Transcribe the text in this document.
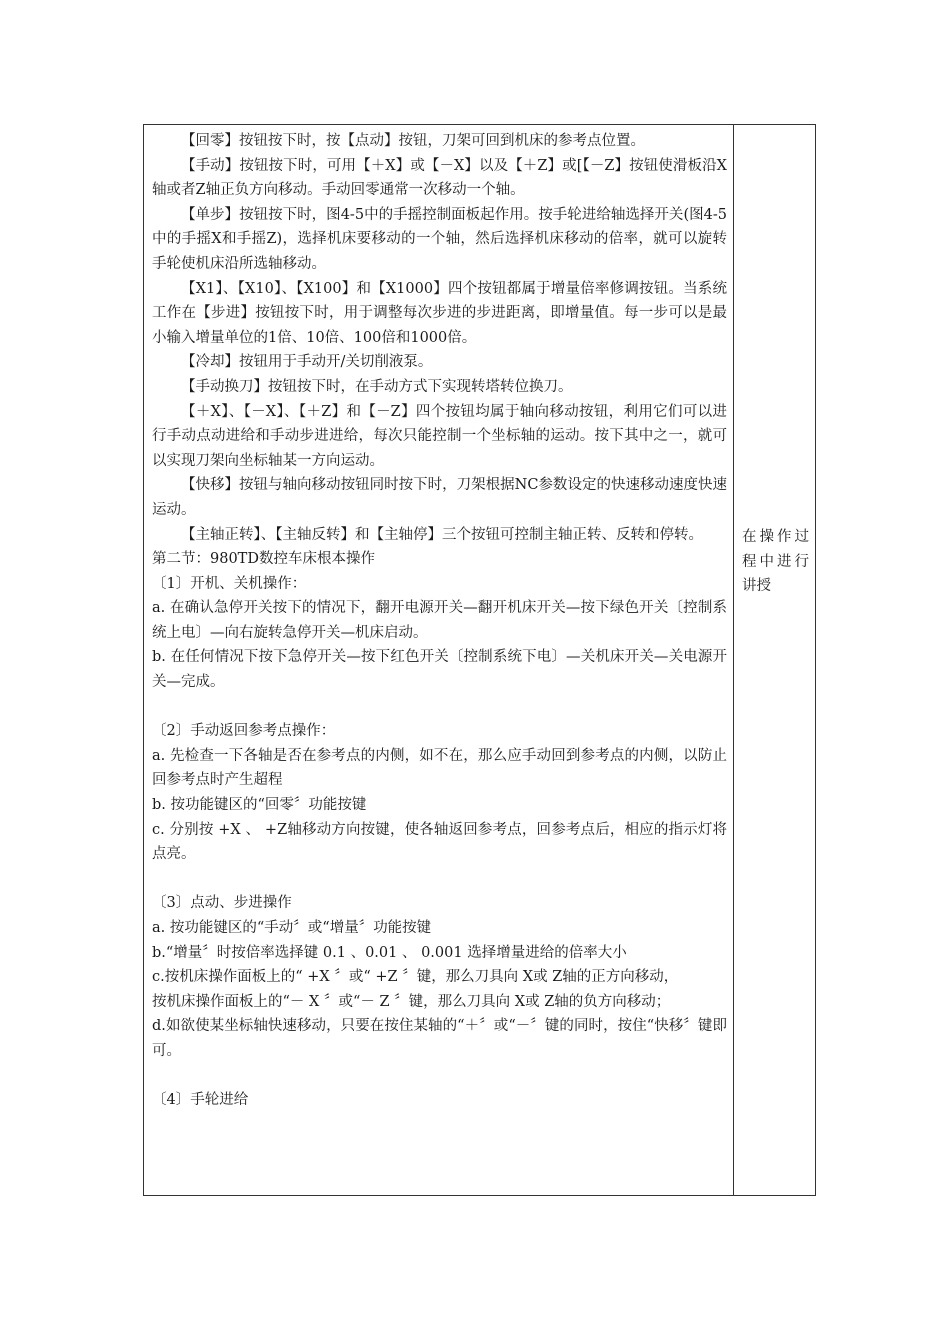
【回零】按钮按下时，按【点动】按钮，刀架可回到机床的参考点位置。

【手动】按钮按下时，可用【＋X】或【－X】以及【＋Z】或[【－Z】按钮使滑板沿X轴或者Z轴正负方向移动。手动回零通常一次移动一个轴。

【单步】按钮按下时，图4-5中的手摇控制面板起作用。按手轮进给轴选择开关(图4-5中的手摇X和手摇Z)，选择机床要移动的一个轴，然后选择机床移动的倍率，就可以旋转手轮使机床沿所选轴移动。

【X1】、【X10】、【X100】和【X1000】四个按钮都属于增量倍率修调按钮。当系统工作在【步进】按钮按下时，用于调整每次步进的步进距离，即增量值。每一步可以是最小输入增量单位的1倍、10倍、100倍和1000倍。

【冷却】按钮用于手动开/关切削液泵。

【手动换刀】按钮按下时，在手动方式下实现转塔转位换刀。

【＋X】、【－X】、【＋Z】和【－Z】四个按钮均属于轴向移动按钮，利用它们可以进行手动点动进给和手动步进进给，每次只能控制一个坐标轴的运动。按下其中之一，就可以实现刀架向坐标轴某一方向运动。

【快移】按钮与轴向移动按钮同时按下时，刀架根据NC参数设定的快速移动速度快速运动。

【主轴正转】、【主轴反转】和【主轴停】三个按钮可控制主轴正转、反转和停转。

第二节：980TD数控车床根本操作

〔1〕开机、关机操作：

a. 在确认急停开关按下的情况下，翻开电源开关—翻开机床开关—按下绿色开关〔控制系统上电〕—向右旋转急停开关—机床启动。

b. 在任何情况下按下急停开关—按下红色开关〔控制系统下电〕—关机床开关—关电源开关—完成。

〔2〕手动返回参考点操作：

a. 先检查一下各轴是否在参考点的内侧，如不在，那么应手动回到参考点的内侧，以防止回参考点时产生超程

b. 按功能键区的“回零〞功能按键

c. 分别按 +X 、 +Z轴移动方向按键，使各轴返回参考点，回参考点后，相应的指示灯将点亮。

〔3〕点动、步进操作

a. 按功能键区的“手动〞或“增量〞功能按键

b.“增量〞时按倍率选择键 0.1 、0.01 、 0.001 选择增量进给的倍率大小

c.按机床操作面板上的“ +X 〞或“ +Z 〞键，那么刀具向 X或 Z轴的正方向移动，

按机床操作面板上的“－ X 〞或“－ Z 〞键，那么刀具向 X或 Z轴的负方向移动；

d.如欲使某坐标轴快速移动，只要在按住某轴的“＋〞或“－〞键的同时，按住“快移〞键即可。

〔4〕手轮进给

在操作过程中进行讲授
